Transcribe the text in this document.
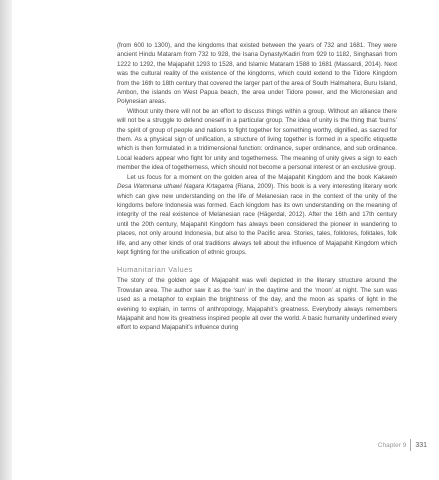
(from 600 to 1300), and the kingdoms that existed between the years of 732 and 1681. They were ancient Hindu Mataram from 732 to 928, the Isana Dynasty/Kadiri from 929 to 1182, Singhasari from 1222 to 1292, the Majapahit 1293 to 1528, and Islamic Mataram 1588 to 1681 (Massardi, 2014). Next was the cultural reality of the existence of the kingdoms, which could extend to the Tidore Kingdom from the 16th to 18th century that covered the larger part of the area of South Halmahera, Buru Island, Ambon, the islands on West Papua beach, the area under Tidore power, and the Micronesian and Polynesian areas.

Without unity there will not be an effort to discuss things within a group. Without an alliance there will not be a struggle to defend oneself in a particular group. The idea of unity is the thing that ‘burns’ the spirit of group of people and nations to fight together for something worthy, dignified, as sacred for them. As a physical sign of unification, a structure of living together is formed in a specific etiquette which is then formulated in a tridimensional function: ordinance, super ordinance, and sub ordinance. Local leaders appear who fight for unity and togetherness. The meaning of unity gives a sign to each member the idea of togetherness, which should not become a personal interest or an exclusive group.

Let us focus for a moment on the golden area of the Majapahit Kingdom and the book Kakawin Desa Wamnana uthawi Nagara Krtagama (Riana, 2009). This book is a very interesting literary work which can give new understanding on the life of Melanesian race in the context of the unity of the kingdoms before Indonesia was formed. Each kingdom has its own understanding on the meaning of integrity of the real existence of Melanesian race (Hägerdal, 2012). After the 16th and 17th century until the 20th century, Majapahit Kingdom has always been considered the pioneer in wandering to places, not only around Indonesia, but also to the Pacific area. Stories, tales, folklores, folktales, folk life, and any other kinds of oral traditions always tell about the influence of Majapahit Kingdom which kept fighting for the unification of ethnic groups.

Humanitarian Values

The story of the golden age of Majapahit was well depicted in the literary structure around the Trowulan area. The author saw it as the ‘sun’ in the daytime and the ‘moon’ at night. The sun was used as a metaphor to explain the brightness of the day, and the moon as sparks of light in the evening to explain, in terms of anthropology, Majapahit’s greatness. Everybody always remembers Majapahit and how its greatness inspired people all over the world. A basic humanity underlined every effort to expand Majapahit’s influence during

Chapter 9 331
